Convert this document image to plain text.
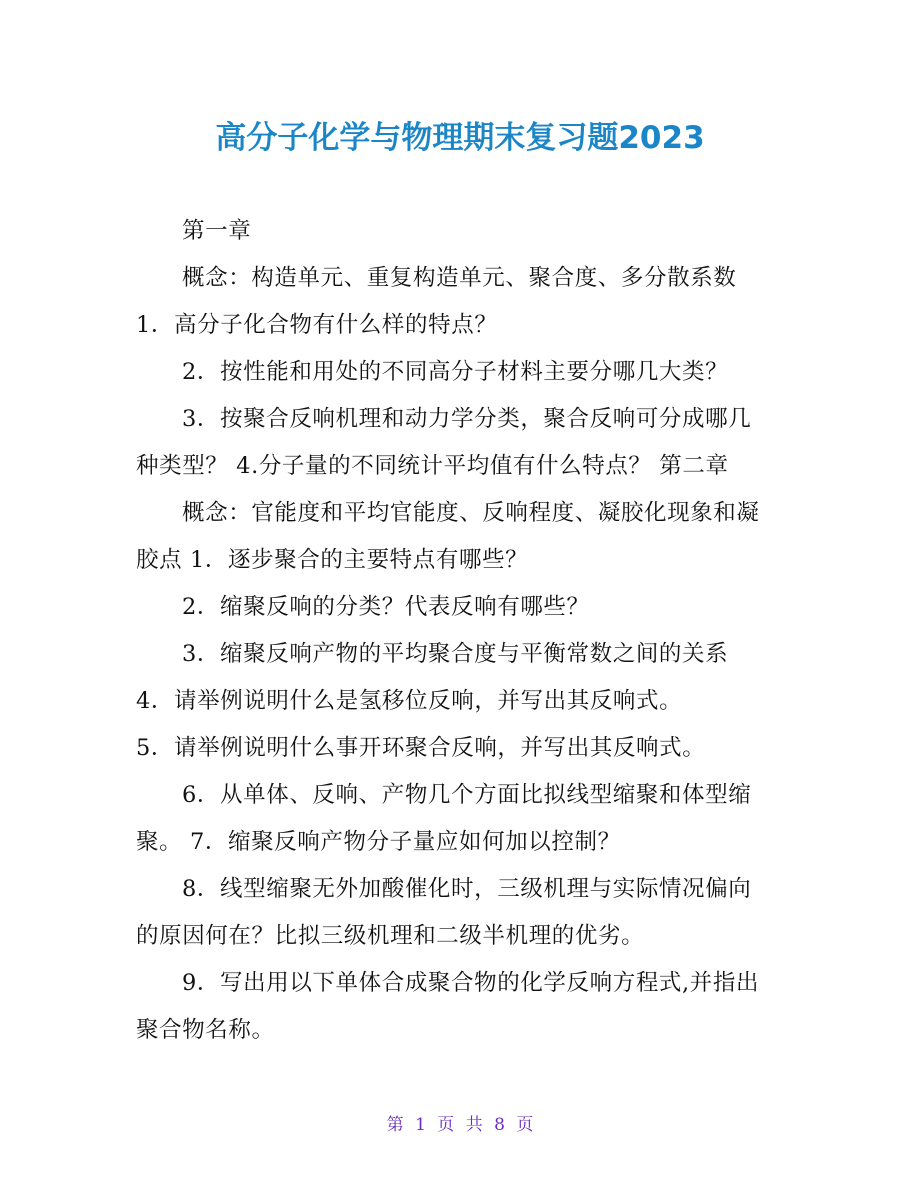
高分子化学与物理期末复习题2023
第一章
概念：构造单元、重复构造单元、聚合度、多分散系数
1．高分子化合物有什么样的特点？
2．按性能和用处的不同高分子材料主要分哪几大类？
3．按聚合反响机理和动力学分类，聚合反响可分成哪几
种类型？ 4.分子量的不同统计平均值有什么特点？ 第二章
概念：官能度和平均官能度、反响程度、凝胶化现象和凝
胶点 1．逐步聚合的主要特点有哪些？
2．缩聚反响的分类？代表反响有哪些？
3．缩聚反响产物的平均聚合度与平衡常数之间的关系
4．请举例说明什么是氢移位反响，并写出其反响式。
5．请举例说明什么事开环聚合反响，并写出其反响式。
6．从单体、反响、产物几个方面比拟线型缩聚和体型缩
聚。 7．缩聚反响产物分子量应如何加以控制？
8．线型缩聚无外加酸催化时，三级机理与实际情况偏向
的原因何在？比拟三级机理和二级半机理的优劣。
9．写出用以下单体合成聚合物的化学反响方程式,并指出
聚合物名称。
第 1 页 共 8 页
